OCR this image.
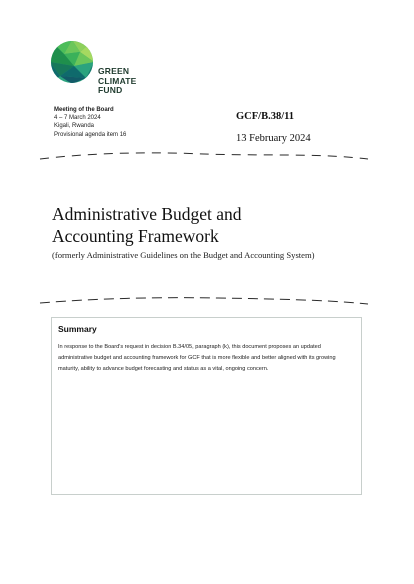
GREEN
CLIMATE
FUND
Meeting of the Board
4 – 7 March 2024
Kigali, Rwanda
Provisional agenda item 16
GCF/B.38/11
13 February 2024
Administrative Budget and
Accounting Framework
(formerly Administrative Guidelines on the Budget and Accounting System)
Summary
In response to the Board's request in decision B.34/05, paragraph (k), this document proposes an updated administrative budget and accounting framework for GCF that is more flexible and better aligned with its growing maturity, ability to advance budget forecasting and status as a vital, ongoing concern.
